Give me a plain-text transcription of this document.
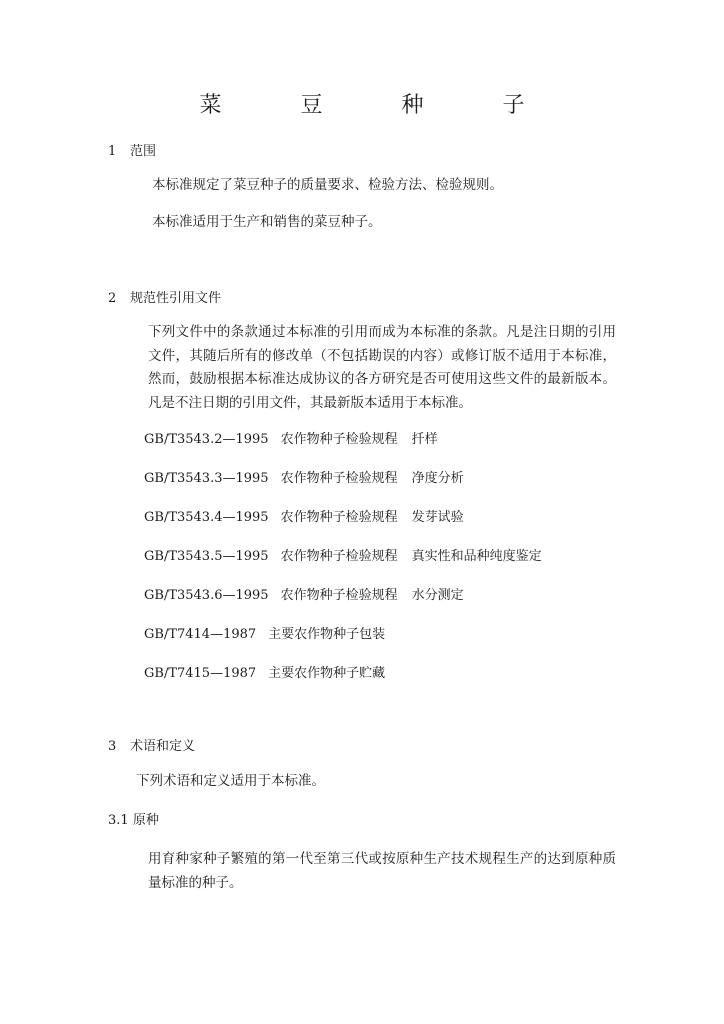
菜 豆 种 子
1 范围
本标准规定了菜豆种子的质量要求、检验方法、检验规则。
本标准适用于生产和销售的菜豆种子。
2 规范性引用文件
下列文件中的条款通过本标准的引用而成为本标准的条款。凡是注日期的引用文件，其随后所有的修改单（不包括勘误的内容）或修订版不适用于本标准，然而，鼓励根据本标准达成协议的各方研究是否可使用这些文件的最新版本。凡是不注日期的引用文件，其最新版本适用于本标准。
GB/T3543.2—1995 农作物种子检验规程 扦样
GB/T3543.3—1995 农作物种子检验规程 净度分析
GB/T3543.4—1995 农作物种子检验规程 发芽试验
GB/T3543.5—1995 农作物种子检验规程 真实性和品种纯度鉴定
GB/T3543.6—1995 农作物种子检验规程 水分测定
GB/T7414—1987 主要农作物种子包装
GB/T7415—1987 主要农作物种子贮藏
3 术语和定义
下列术语和定义适用于本标准。
3.1 原种
用育种家种子繁殖的第一代至第三代或按原种生产技术规程生产的达到原种质量标准的种子。
